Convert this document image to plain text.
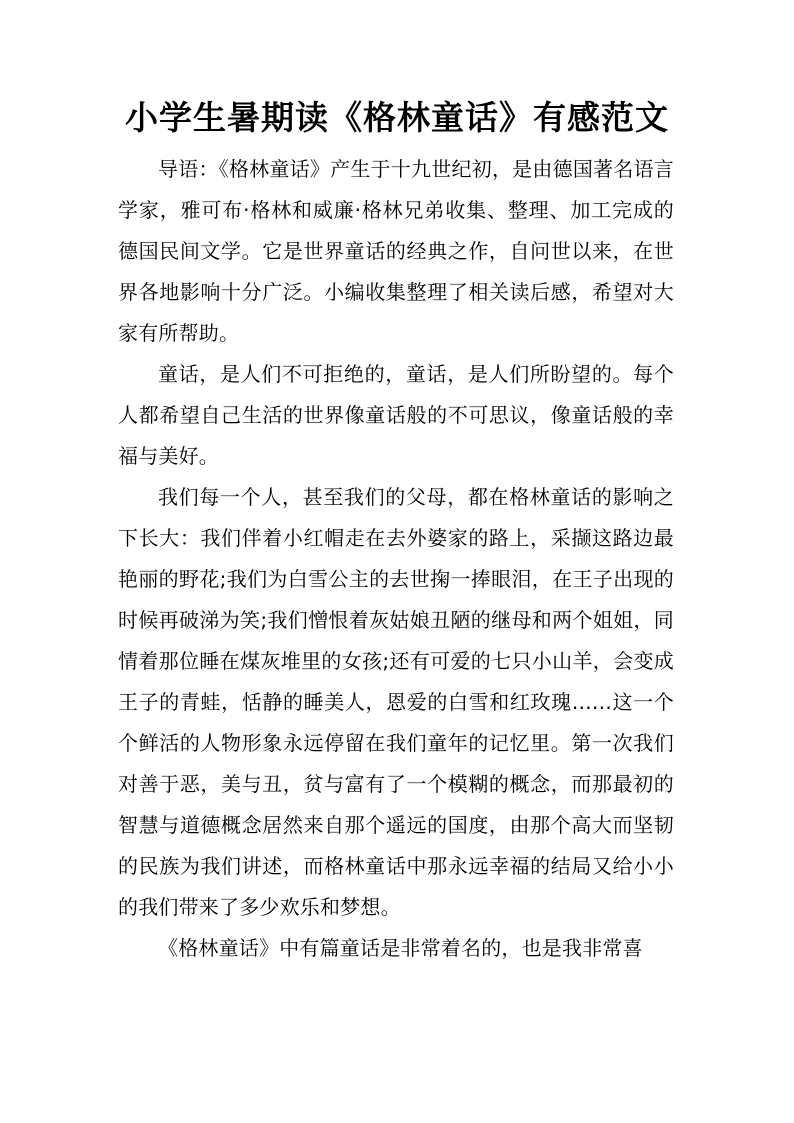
小学生暑期读《格林童话》有感范文

导语：《格林童话》产生于十九世纪初，是由德国著名语言学家，雅可布·格林和威廉·格林兄弟收集、整理、加工完成的德国民间文学。它是世界童话的经典之作，自问世以来，在世界各地影响十分广泛。小编收集整理了相关读后感，希望对大家有所帮助。

童话，是人们不可拒绝的，童话，是人们所盼望的。每个人都希望自己生活的世界像童话般的不可思议，像童话般的幸福与美好。

我们每一个人，甚至我们的父母，都在格林童话的影响之下长大：我们伴着小红帽走在去外婆家的路上，采撷这路边最艳丽的野花;我们为白雪公主的去世掬一捧眼泪，在王子出现的时候再破涕为笑;我们憎恨着灰姑娘丑陋的继母和两个姐姐，同情着那位睡在煤灰堆里的女孩;还有可爱的七只小山羊，会变成王子的青蛙，恬静的睡美人，恩爱的白雪和红玫瑰……这一个个鲜活的人物形象永远停留在我们童年的记忆里。第一次我们对善于恶，美与丑，贫与富有了一个模糊的概念，而那最初的智慧与道德概念居然来自那个遥远的国度，由那个高大而坚韧的民族为我们讲述，而格林童话中那永远幸福的结局又给小小的我们带来了多少欢乐和梦想。

《格林童话》中有篇童话是非常着名的，也是我非常喜
